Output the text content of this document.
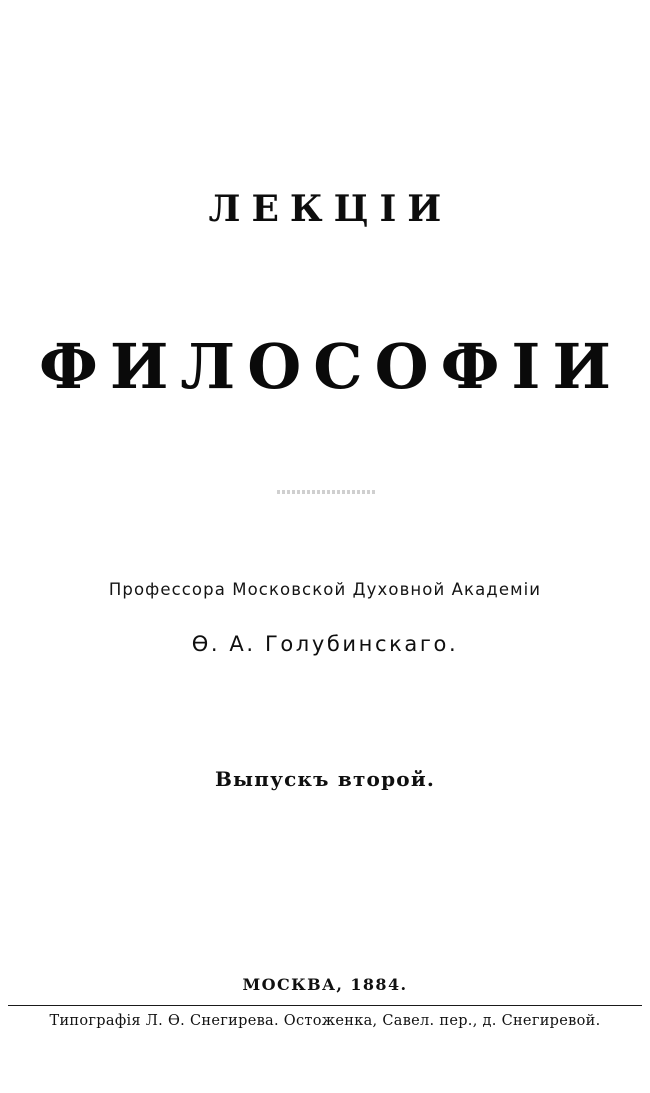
ЛЕКЦІИ
ФИЛОСОФІИ
Профессора Московской Духовной Академіи
Ѳ. А. Голубинскаго.
Выпускъ второй.
МОСКВА, 1884.
Типографія Л. Ѳ. Снегирева. Остоженка, Савел. пер., д. Снегиревой.
